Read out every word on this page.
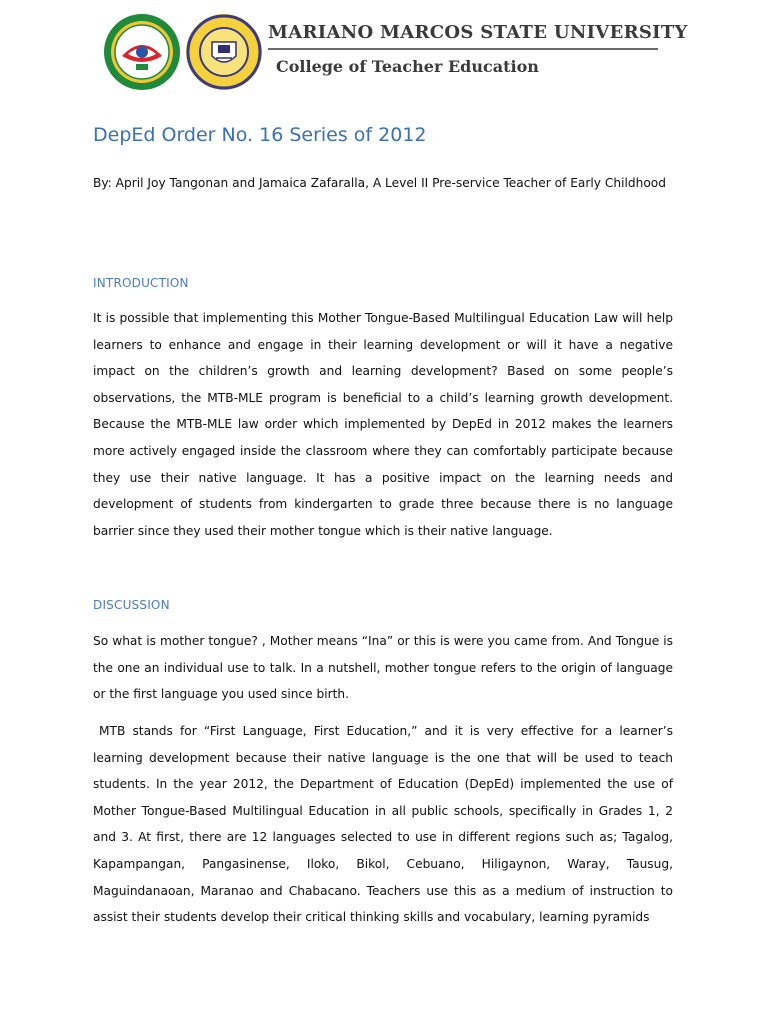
MARIANO MARCOS STATE UNIVERSITY
College of Teacher Education
DepEd Order No. 16 Series of 2012
By: April Joy Tangonan and Jamaica Zafaralla, A Level II Pre-service Teacher of Early Childhood
INTRODUCTION
It is possible that implementing this Mother Tongue-Based Multilingual Education Law will help learners to enhance and engage in their learning development or will it have a negative impact on the children’s growth and learning development? Based on some people’s observations, the MTB-MLE program is beneficial to a child’s learning growth development. Because the MTB-MLE law order which implemented by DepEd in 2012 makes the learners more actively engaged inside the classroom where they can comfortably participate because they use their native language. It has a positive impact on the learning needs and development of students from kindergarten to grade three because there is no language barrier since they used their mother tongue which is their native language.
DISCUSSION
So what is mother tongue? , Mother means “Ina” or this is were you came from. And Tongue is the one an individual use to talk. In a nutshell, mother tongue refers to the origin of language or the first language you used since birth.
MTB stands for “First Language, First Education,” and it is very effective for a learner’s learning development because their native language is the one that will be used to teach students. In the year 2012, the Department of Education (DepEd) implemented the use of Mother Tongue-Based Multilingual Education in all public schools, specifically in Grades 1, 2 and 3. At first, there are 12 languages selected to use in different regions such as; Tagalog, Kapampangan, Pangasinense, Iloko, Bikol, Cebuano, Hiligaynon, Waray, Tausug, Maguindanaoan, Maranao and Chabacano. Teachers use this as a medium of instruction to assist their students develop their critical thinking skills and vocabulary, learning pyramids
